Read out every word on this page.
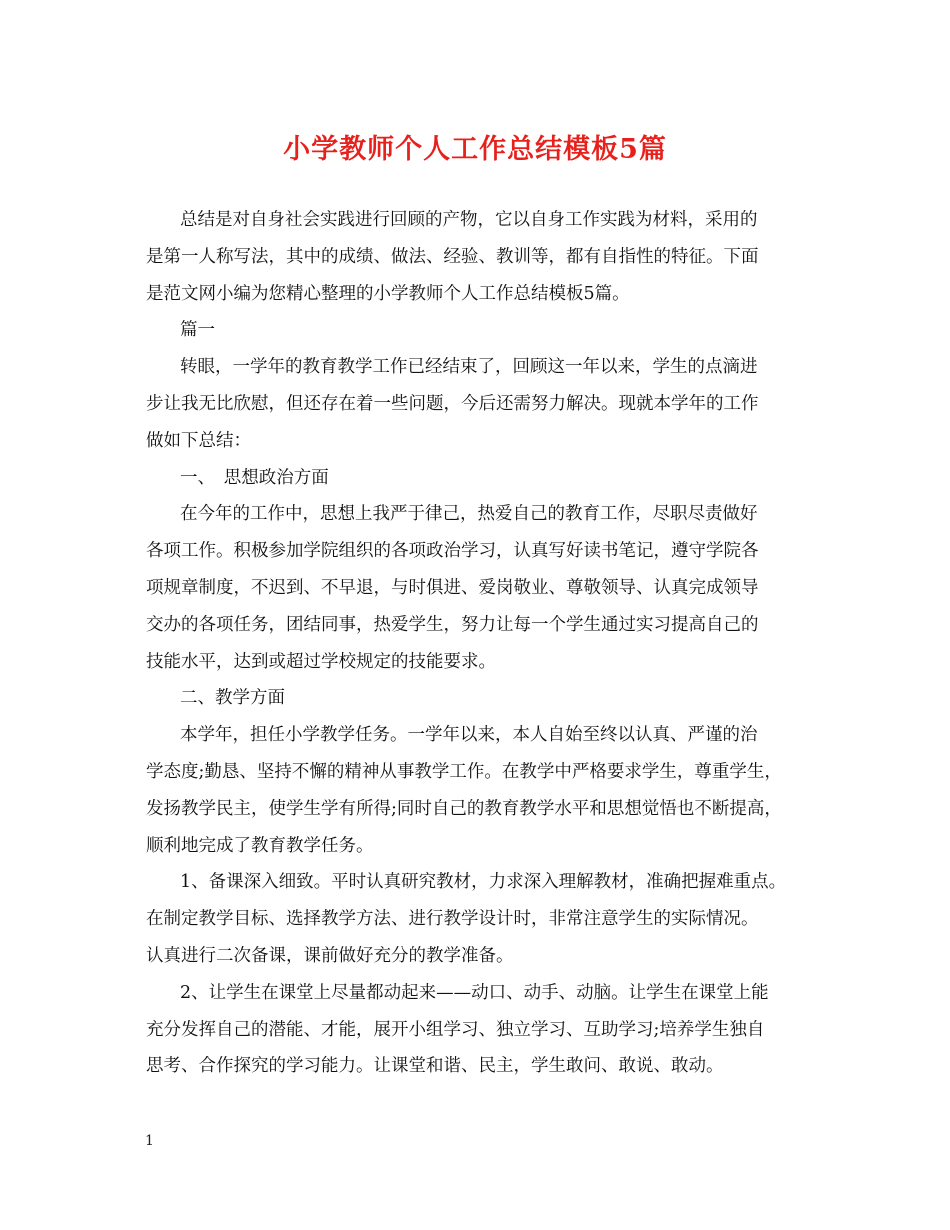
小学教师个人工作总结模板5篇
总结是对自身社会实践进行回顾的产物，它以自身工作实践为材料，采用的
是第一人称写法，其中的成绩、做法、经验、教训等，都有自指性的特征。下面
是范文网小编为您精心整理的小学教师个人工作总结模板5篇。
篇一
转眼，一学年的教育教学工作已经结束了，回顾这一年以来，学生的点滴进
步让我无比欣慰，但还存在着一些问题，今后还需努力解决。现就本学年的工作
做如下总结：
一、　思想政治方面
在今年的工作中，思想上我严于律己，热爱自己的教育工作，尽职尽责做好
各项工作。积极参加学院组织的各项政治学习，认真写好读书笔记，遵守学院各
项规章制度，不迟到、不早退，与时俱进、爱岗敬业、尊敬领导、认真完成领导
交办的各项任务，团结同事，热爱学生，努力让每一个学生通过实习提高自己的
技能水平，达到或超过学校规定的技能要求。
二、教学方面
本学年，担任小学教学任务。一学年以来，本人自始至终以认真、严谨的治
学态度;勤恳、坚持不懈的精神从事教学工作。在教学中严格要求学生，尊重学生，
发扬教学民主，使学生学有所得;同时自己的教育教学水平和思想觉悟也不断提高，
顺利地完成了教育教学任务。
1、备课深入细致。平时认真研究教材，力求深入理解教材，准确把握难重点。
在制定教学目标、选择教学方法、进行教学设计时，非常注意学生的实际情况。
认真进行二次备课，课前做好充分的教学准备。
2、让学生在课堂上尽量都动起来——动口、动手、动脑。让学生在课堂上能
充分发挥自己的潜能、才能，展开小组学习、独立学习、互助学习;培养学生独自
思考、合作探究的学习能力。让课堂和谐、民主，学生敢问、敢说、敢动。
1
